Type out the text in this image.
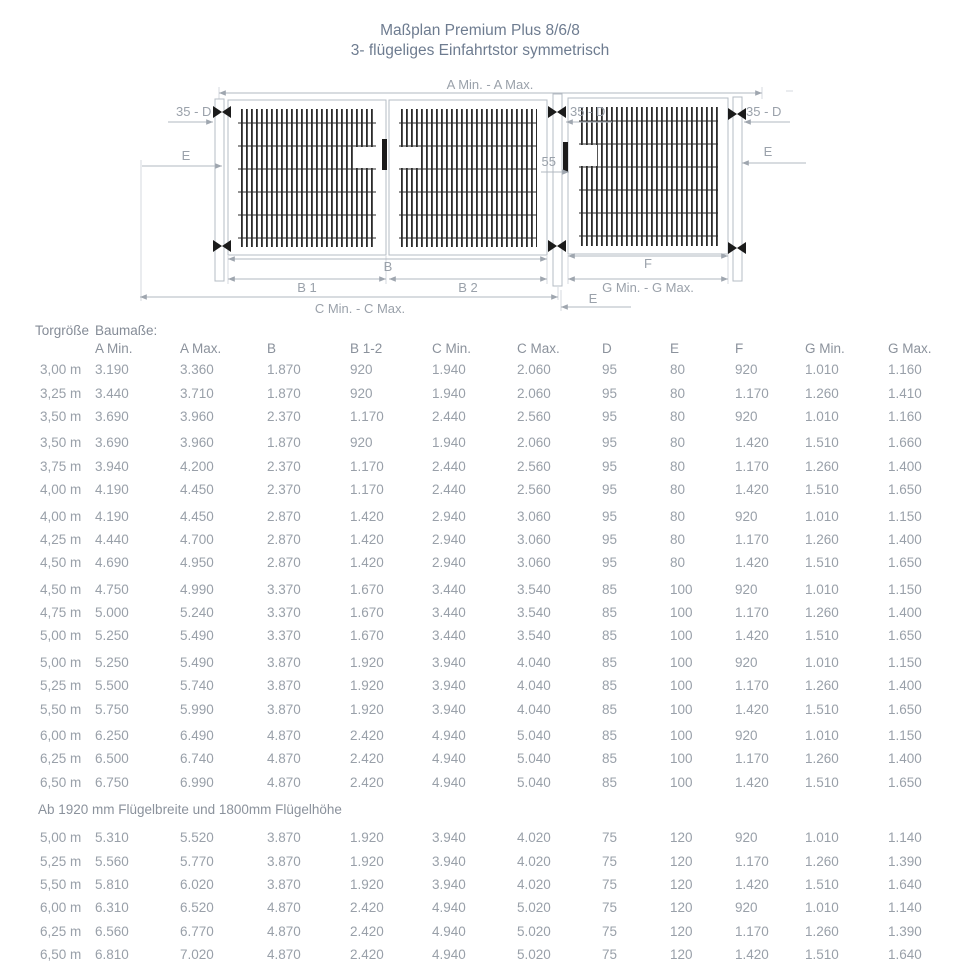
Maßplan Premium Plus 8/6/8
3- flügeliges Einfahrtstor symmetrisch
A Min. - A Max.
35 - D	35 - D	35 - D
E	E
55
B
B 1	B 2
F
G Min. - G Max.
C Min. - C Max.
E
Torgröße	Baumaße:										
	A Min.	A Max.	B	B 1-2	C Min.	C Max.	D	E	F	G Min.	G Max.
3,00 m	3.190	3.360	1.870	920	1.940	2.060	95	80	920	1.010	1.160
3,25 m	3.440	3.710	1.870	920	1.940	2.060	95	80	1.170	1.260	1.410
3,50 m	3.690	3.960	2.370	1.170	2.440	2.560	95	80	920	1.010	1.160
3,50 m	3.690	3.960	1.870	920	1.940	2.060	95	80	1.420	1.510	1.660
3,75 m	3.940	4.200	2.370	1.170	2.440	2.560	95	80	1.170	1.260	1.400
4,00 m	4.190	4.450	2.370	1.170	2.440	2.560	95	80	1.420	1.510	1.650
4,00 m	4.190	4.450	2.870	1.420	2.940	3.060	95	80	920	1.010	1.150
4,25 m	4.440	4.700	2.870	1.420	2.940	3.060	95	80	1.170	1.260	1.400
4,50 m	4.690	4.950	2.870	1.420	2.940	3.060	95	80	1.420	1.510	1.650
4,50 m	4.750	4.990	3.370	1.670	3.440	3.540	85	100	920	1.010	1.150
4,75 m	5.000	5.240	3.370	1.670	3.440	3.540	85	100	1.170	1.260	1.400
5,00 m	5.250	5.490	3.370	1.670	3.440	3.540	85	100	1.420	1.510	1.650
5,00 m	5.250	5.490	3.870	1.920	3.940	4.040	85	100	920	1.010	1.150
5,25 m	5.500	5.740	3.870	1.920	3.940	4.040	85	100	1.170	1.260	1.400
5,50 m	5.750	5.990	3.870	1.920	3.940	4.040	85	100	1.420	1.510	1.650
6,00 m	6.250	6.490	4.870	2.420	4.940	5.040	85	100	920	1.010	1.150
6,25 m	6.500	6.740	4.870	2.420	4.940	5.040	85	100	1.170	1.260	1.400
6,50 m	6.750	6.990	4.870	2.420	4.940	5.040	85	100	1.420	1.510	1.650
Ab 1920 mm Flügelbreite und 1800mm Flügelhöhe
5,00 m	5.310	5.520	3.870	1.920	3.940	4.020	75	120	920	1.010	1.140
5,25 m	5.560	5.770	3.870	1.920	3.940	4.020	75	120	1.170	1.260	1.390
5,50 m	5.810	6.020	3.870	1.920	3.940	4.020	75	120	1.420	1.510	1.640
6,00 m	6.310	6.520	4.870	2.420	4.940	5.020	75	120	920	1.010	1.140
6,25 m	6.560	6.770	4.870	2.420	4.940	5.020	75	120	1.170	1.260	1.390
6,50 m	6.810	7.020	4.870	2.420	4.940	5.020	75	120	1.420	1.510	1.640
